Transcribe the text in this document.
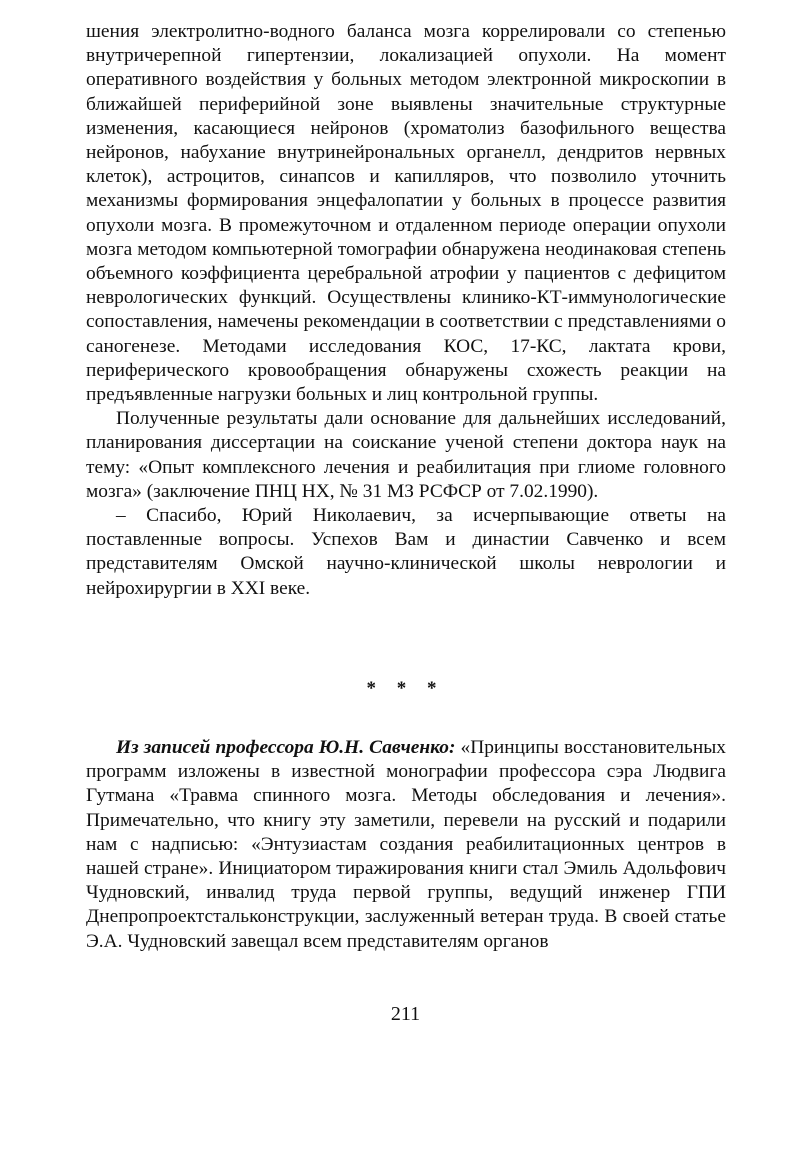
шения электролитно-водного баланса мозга коррелировали со степенью внутричерепной гипертензии, локализацией опухоли. На момент оперативного воздействия у больных методом электронной микроскопии в ближайшей периферийной зоне выявлены значительные структурные изменения, касающиеся нейронов (хроматолиз базофильного вещества нейронов, набухание внутринейрональных органелл, дендритов нервных клеток), астроцитов, синапсов и капилляров, что позволило уточнить механизмы формирования энцефалопатии у больных в процессе развития опухоли мозга. В промежуточном и отдаленном периоде операции опухоли мозга методом компьютерной томографии обнаружена неодинаковая степень объемного коэффициента церебральной атрофии у пациентов с дефицитом неврологических функций. Осуществлены клинико-КТ-иммунологические сопоставления, намечены рекомендации в соответствии с представлениями о саногенезе. Методами исследования КОС, 17-КС, лактата крови, периферического кровообращения обнаружены схожесть реакции на предъявленные нагрузки больных и лиц контрольной группы.

Полученные результаты дали основание для дальнейших исследований, планирования диссертации на соискание ученой степени доктора наук на тему: «Опыт комплексного лечения и реабилитация при глиоме головного мозга» (заключение ПНЦ НХ, № 31 МЗ РСФСР от 7.02.1990).

– Спасибо, Юрий Николаевич, за исчерпывающие ответы на поставленные вопросы. Успехов Вам и династии Савченко и всем представителям Омской научно-клинической школы неврологии и нейрохирургии в XXI веке.

* * *

Из записей профессора Ю.Н. Савченко: «Принципы восстановительных программ изложены в известной монографии профессора сэра Людвига Гутмана «Травма спинного мозга. Методы обследования и лечения». Примечательно, что книгу эту заметили, перевели на русский и подарили нам с надписью: «Энтузиастам создания реабилитационных центров в нашей стране». Инициатором тиражирования книги стал Эмиль Адольфович Чудновский, инвалид труда первой группы, ведущий инженер ГПИ Днепропроектстальконструкции, заслуженный ветеран труда. В своей статье Э.А. Чудновский завещал всем представителям органов

211
